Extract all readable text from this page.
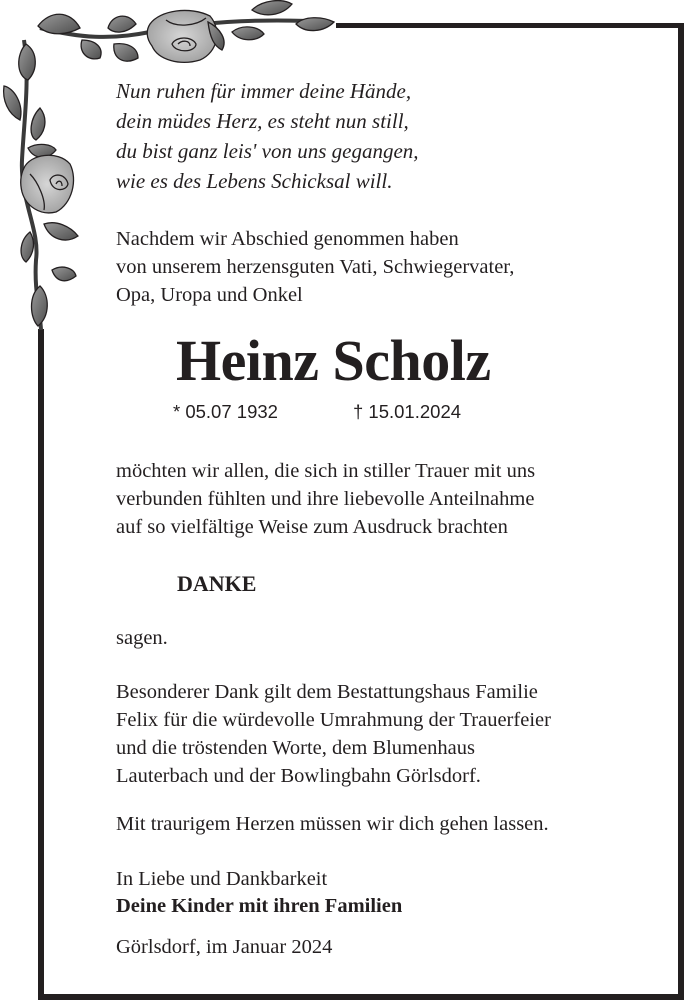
Nun ruhen für immer deine Hände,
dein müdes Herz, es steht nun still,
du bist ganz leis' von uns gegangen,
wie es des Lebens Schicksal will.
Nachdem wir Abschied genommen haben
von unserem herzensguten Vati, Schwiegervater,
Opa, Uropa und Onkel
Heinz Scholz
* 05.07 1932	† 15.01.2024
möchten wir allen, die sich in stiller Trauer mit uns
verbunden fühlten und ihre liebevolle Anteilnahme
auf so vielfältige Weise zum Ausdruck brachten
DANKE
sagen.
Besonderer Dank gilt dem Bestattungshaus Familie
Felix für die würdevolle Umrahmung der Trauerfeier
und die tröstenden Worte, dem Blumenhaus
Lauterbach und der Bowlingbahn Görlsdorf.
Mit traurigem Herzen müssen wir dich gehen lassen.
In Liebe und Dankbarkeit
Deine Kinder mit ihren Familien
Görlsdorf, im Januar 2024
